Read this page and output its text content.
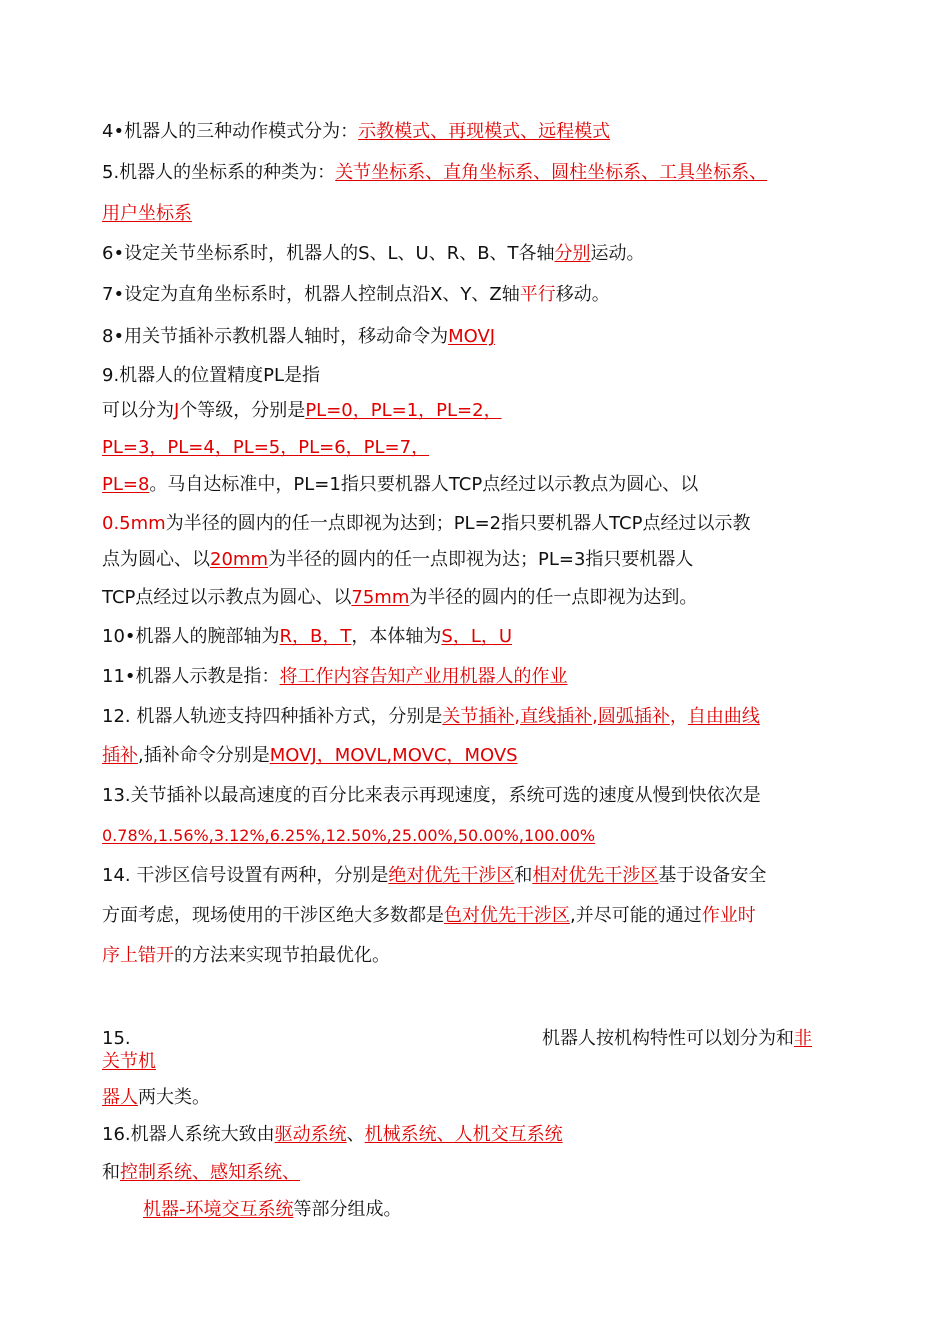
4•机器人的三种动作模式分为：示教模式、再现模式、远程模式
5.机器人的坐标系的种类为：关节坐标系、直角坐标系、圆柱坐标系、工具坐标系、
用户坐标系
6•设定关节坐标系时，机器人的S、L、U、R、B、T各轴分别运动。
7•设定为直角坐标系时，机器人控制点沿X、Y、Z轴平行移动。
8•用关节插补示教机器人轴时，移动命令为MOVJ
9.机器人的位置精度PL是指
可以分为J个等级，分别是PL=0，PL=1，PL=2，
PL=3，PL=4，PL=5，PL=6，PL=7，
PL=8。马自达标准中，PL=1指只要机器人TCP点经过以示教点为圆心、以
0.5mm为半径的圆内的任一点即视为达到；PL=2指只要机器人TCP点经过以示教
点为圆心、以20mm为半径的圆内的任一点即视为达；PL=3指只要机器人
TCP点经过以示教点为圆心、以75mm为半径的圆内的任一点即视为达到。
10•机器人的腕部轴为R，B，T，本体轴为S，L，U
11•机器人示教是指：将工作内容告知产业用机器人的作业
12. 机器人轨迹支持四种插补方式，分别是关节插补,直线插补,圆弧插补，自由曲线
插补,插补命令分别是MOVJ，MOVL,MOVC，MOVS
13.关节插补以最高速度的百分比来表示再现速度，系统可选的速度从慢到快依次是
0.78%,1.56%,3.12%,6.25%,12.50%,25.00%,50.00%,100.00%
14. 干涉区信号设置有两种，分别是绝对优先干涉区和相对优先干涉区基于设备安全
方面考虑，现场使用的干涉区绝大多数都是色对优先干涉区,并尽可能的通过作业时
序上错开的方法来实现节拍最优化。
15.	机器人按机构特性可以划分为和非
关节机
器人两大类。
16.机器人系统大致由驱动系统、机械系统、人机交互系统
和控制系统、感知系统、
机器-环境交互系统等部分组成。
